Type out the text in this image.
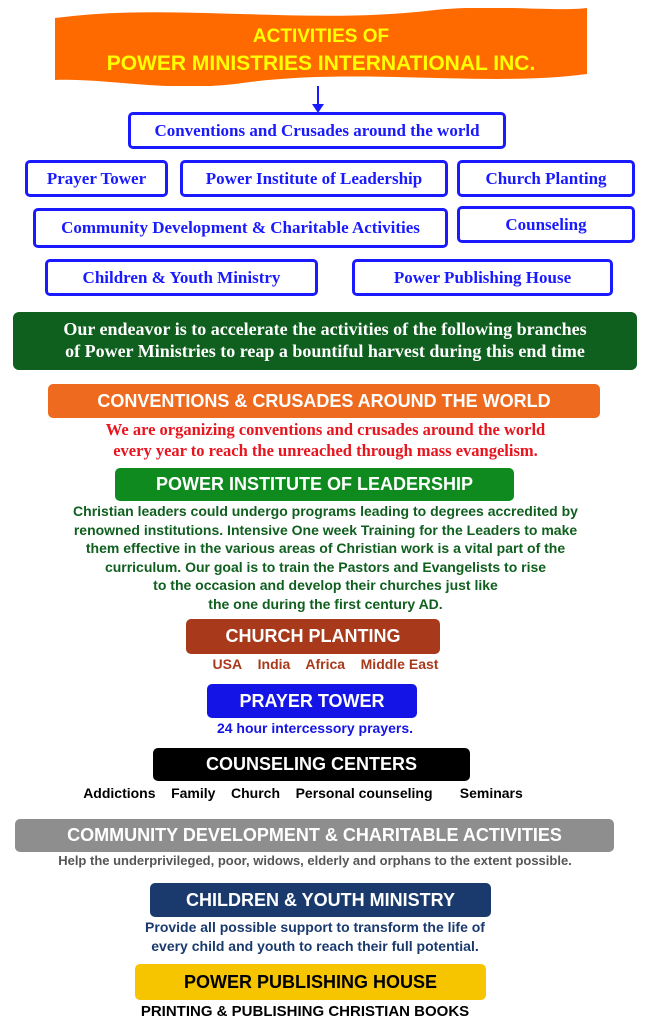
ACTIVITIES OF
POWER MINISTRIES INTERNATIONAL INC.
Conventions and Crusades around the world
Prayer Tower	Power Institute of Leadership	Church Planting
Community Development & Charitable Activities	Counseling
Children & Youth Ministry	Power Publishing House
Our endeavor is to accelerate the activities of the following branches
of Power Ministries to reap a bountiful harvest during this end time
CONVENTIONS & CRUSADES AROUND THE WORLD
We are organizing conventions and crusades around the world
every year to reach the unreached through mass evangelism.
POWER INSTITUTE OF LEADERSHIP
Christian leaders could undergo programs leading to degrees accredited by
renowned institutions. Intensive One week Training for the Leaders to make
them effective in the various areas of Christian work is a vital part of the
curriculum. Our goal is to train the Pastors and Evangelists to rise
to the occasion and develop their churches just like
the one during the first century AD.
CHURCH PLANTING
USA India Africa Middle East
PRAYER TOWER
24 hour intercessory prayers.
COUNSELING CENTERS
Addictions Family Church Personal counseling Seminars
COMMUNITY DEVELOPMENT & CHARITABLE ACTIVITIES
Help the underprivileged, poor, widows, elderly and orphans to the extent possible.
CHILDREN & YOUTH MINISTRY
Provide all possible support to transform the life of
every child and youth to reach their full potential.
POWER PUBLISHING HOUSE
PRINTING & PUBLISHING CHRISTIAN BOOKS
